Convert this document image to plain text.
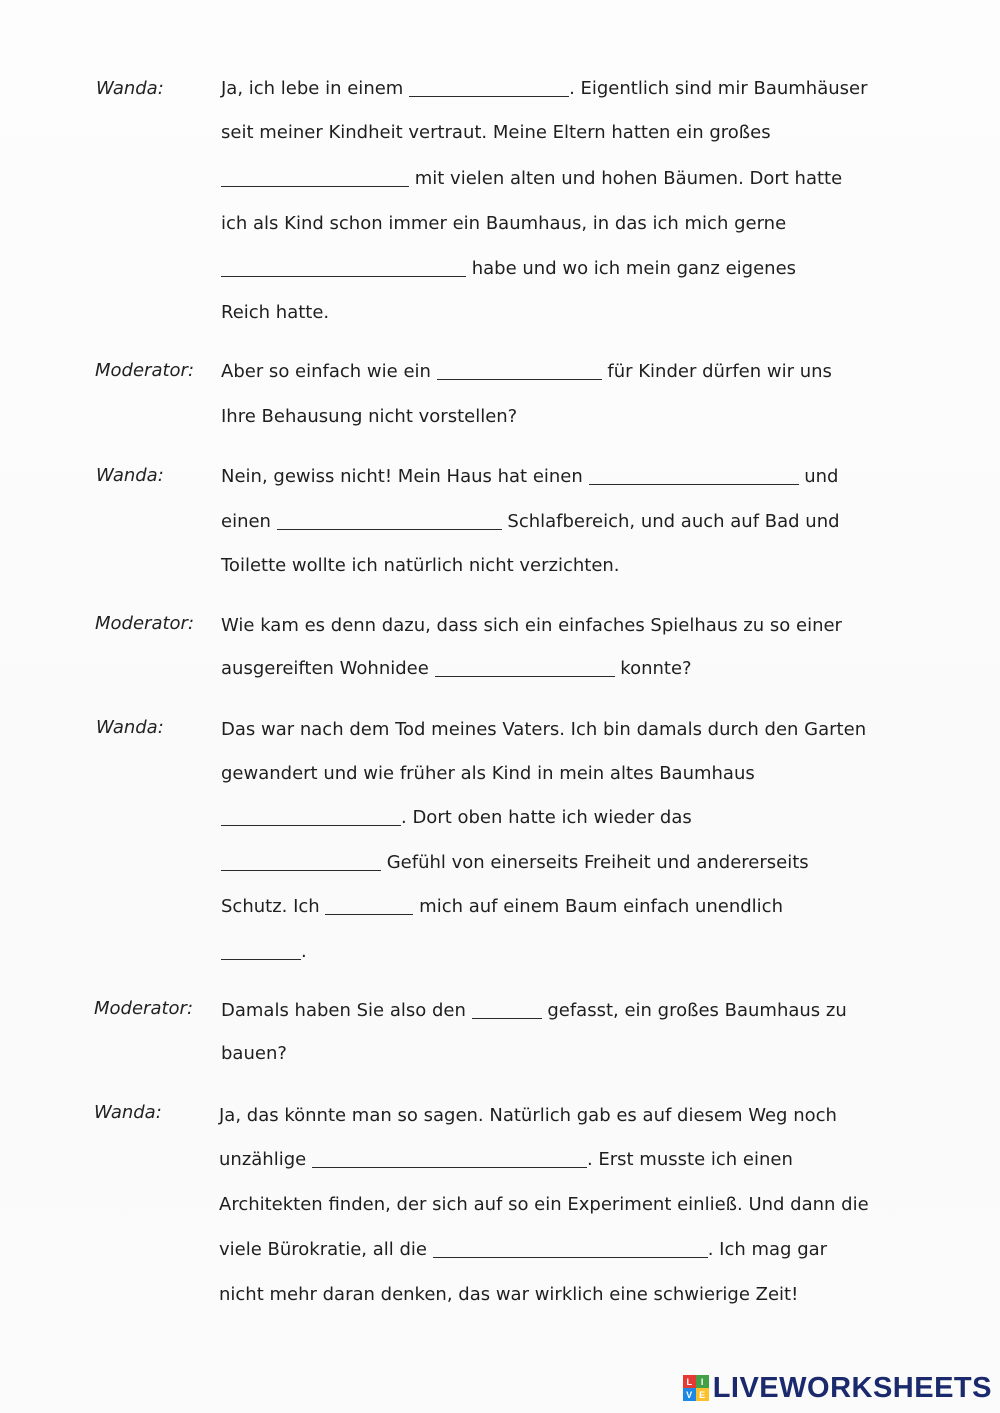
Wanda:	Ja, ich lebe in einem	. Eigentlich sind mir Baumhäuser
seit meiner Kindheit vertraut. Meine Eltern hatten ein großes
mit vielen alten und hohen Bäumen. Dort hatte
ich als Kind schon immer ein Baumhaus, in das ich mich gerne
habe und wo ich mein ganz eigenes
Reich hatte.
Moderator: Aber so einfach wie ein	für Kinder dürfen wir uns
Ihre Behausung nicht vorstellen?
Wanda:	Nein, gewiss nicht! Mein Haus hat einen	und
einen	Schlafbereich, und auch auf Bad und
Toilette wollte ich natürlich nicht verzichten.
Moderator: Wie kam es denn dazu, dass sich ein einfaches Spielhaus zu so einer
ausgereiften Wohnidee	konnte?
Wanda:	Das war nach dem Tod meines Vaters. Ich bin damals durch den Garten
gewandert und wie früher als Kind in mein altes Baumhaus
. Dort oben hatte ich wieder das
Gefühl von einerseits Freiheit und andererseits
Schutz. Ich	mich auf einem Baum einfach unendlich
.
Moderator: Damals haben Sie also den	gefasst, ein großes Baumhaus zu
bauen?
Wanda:	Ja, das könnte man so sagen. Natürlich gab es auf diesem Weg noch
unzählige	. Erst musste ich einen
Architekten finden, der sich auf so ein Experiment einließ. Und dann die
viele Bürokratie, all die	. Ich mag gar
nicht mehr daran denken, das war wirklich eine schwierige Zeit!
L I
V E LIVEWORKSHEETS
